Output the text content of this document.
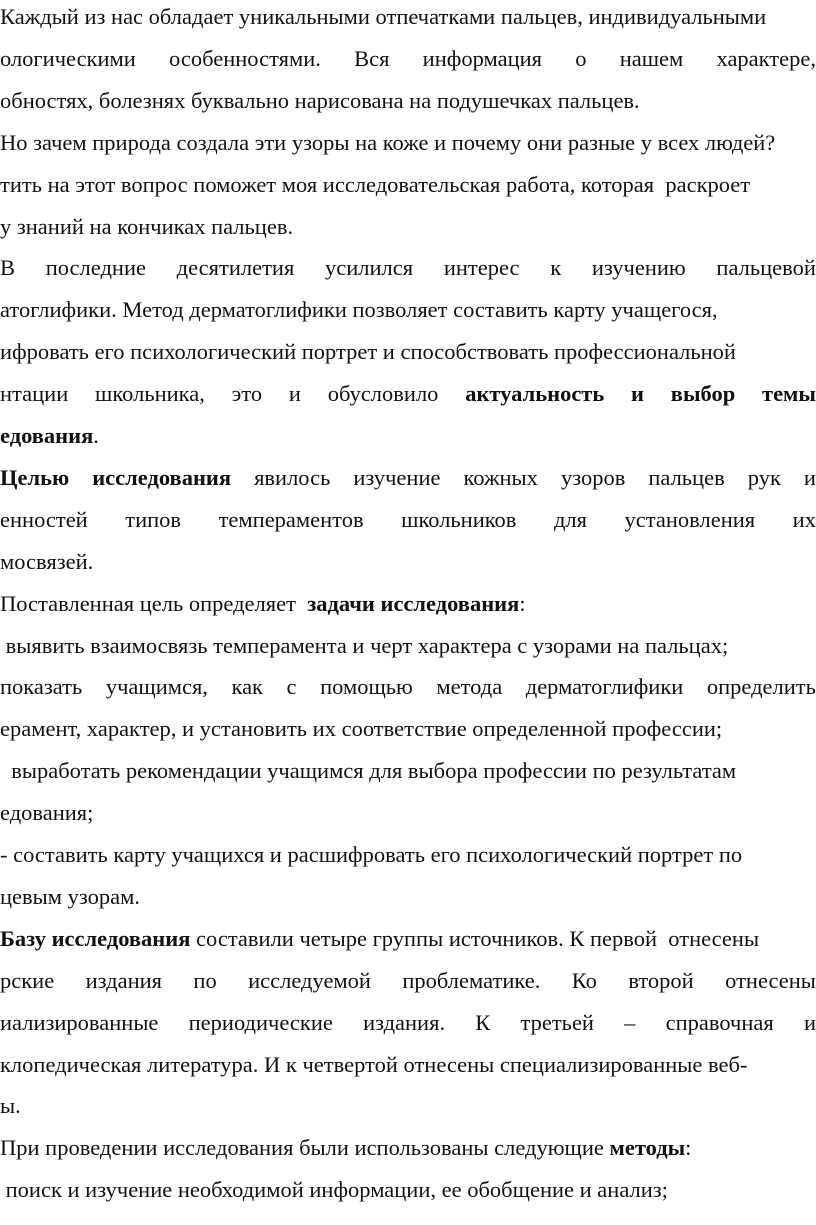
Каждый из нас обладает уникальными отпечатками пальцев, индивидуальными
ологическими особенностями. Вся информация о нашем характере,
обностях, болезнях буквально нарисована на подушечках пальцев.
Но зачем природа создала эти узоры на коже и почему они разные у всех людей?
тить на этот вопрос поможет моя исследовательская работа, которая  раскроет
у знаний на кончиках пальцев.
В последние десятилетия усилился интерес к изучению пальцевой
атоглифики. Метод дерматоглифики позволяет составить карту учащегося,
ифровать его психологический портрет и способствовать профессиональной
нтации школьника, это и обусловило актуальность и выбор темы
едования.
Целью исследования явилось изучение кожных узоров пальцев рук и
енностей типов темпераментов школьников для установления их
мосвязей.
Поставленная цель определяет  задачи исследования:
выявить взаимосвязь темперамента и черт характера с узорами на пальцах;
показать учащимся, как с помощью метода дерматоглифики определить
ерамент, характер, и установить их соответствие определенной профессии;
выработать рекомендации учащимся для выбора профессии по результатам
едования;
- составить карту учащихся и расшифровать его психологический портрет по
цевым узорам.
Базу исследования составили четыре группы источников. К первой  отнесены
рские издания по исследуемой проблематике. Ко второй отнесены
иализированные периодические издания. К третьей – справочная и
клопедическая литература. И к четвертой отнесены специализированные веб-
ы.
При проведении исследования были использованы следующие методы:
поиск и изучение необходимой информации, ее обобщение и анализ;
